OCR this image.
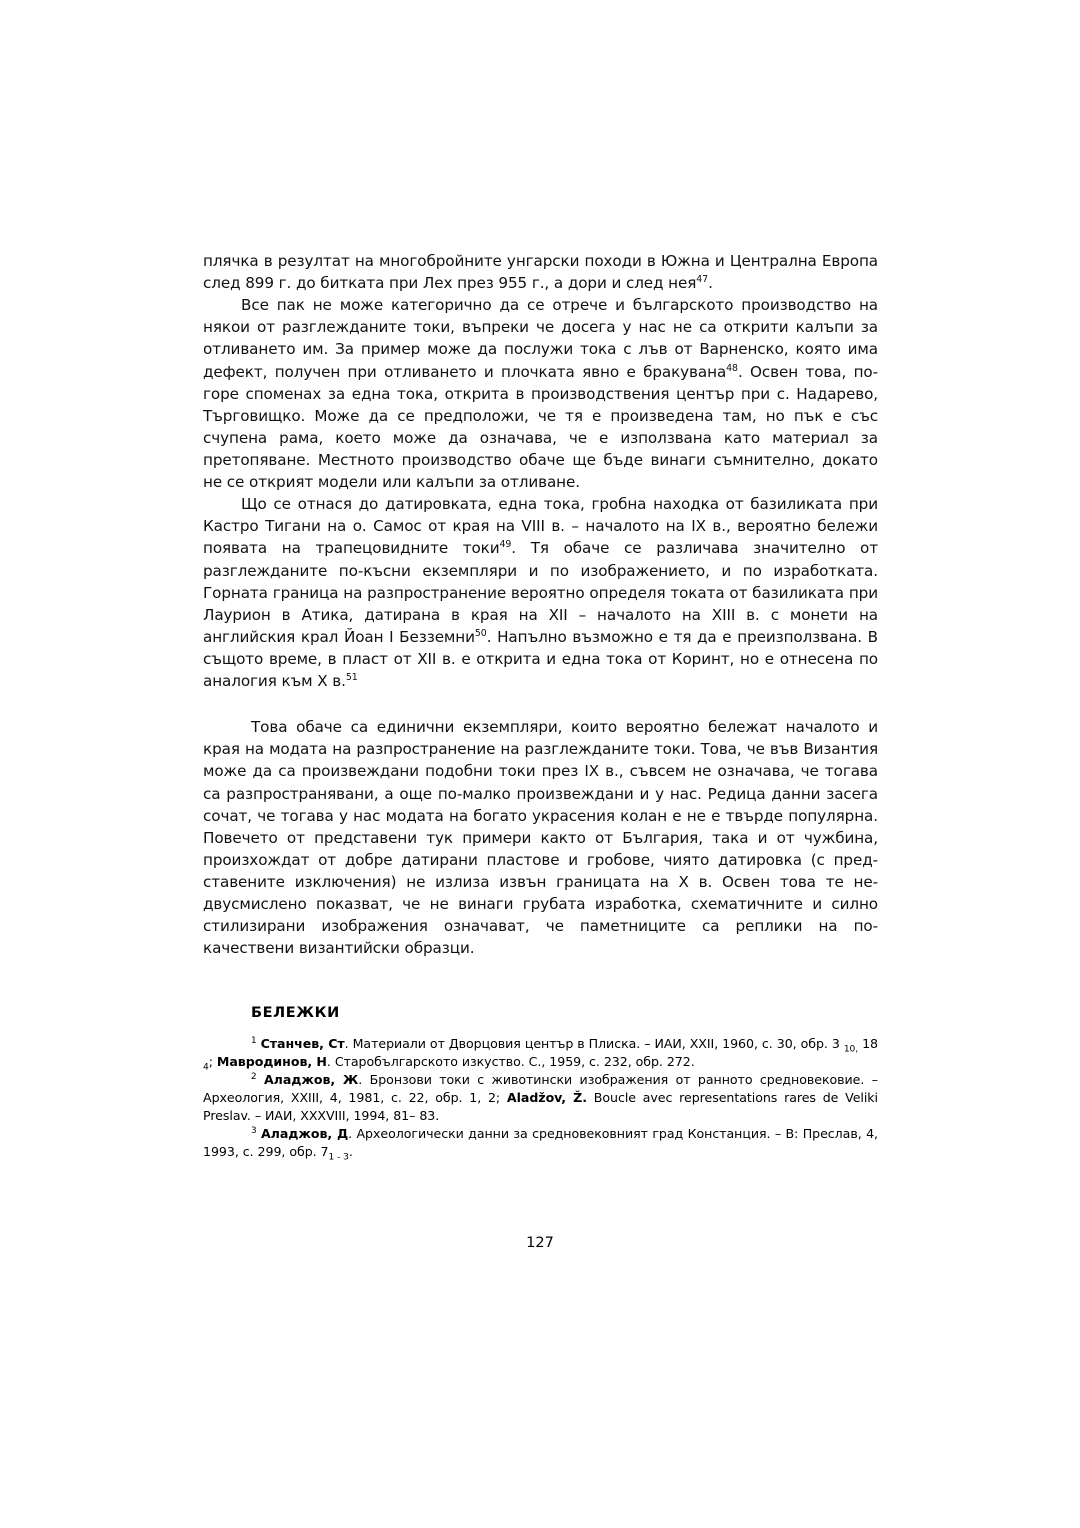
плячка в резултат на многобройните унгарски походи в Южна и Централна Европа след 899 г. до битката при Лех през 955 г., а дори и след нея$^{47}$.

Все пак не може категорично да се отрече и българското производство на някои от разглежданите токи, въпреки че досега у нас не са открити калъпи за отливането им. За пример може да послужи тока с лъв от Варненско, която има дефект, получен при отливането и плочката явно е бракувана$^{48}$. Освен това, по-горе споменах за една тока, открита в производствения център при с. Надарево, Търговищко. Може да се предположи, че тя е произведена там, но пък е със счупена рама, което може да означава, че е използвана като материал за претопяване. Местното производство обаче ще бъде винаги съмнително, докато не се открият модели или калъпи за отливане.

Що се отнася до датировката, една тока, гробна находка от базиликата при Кастро Тигани на о. Самос от края на VIII в. – началото на IX в., вероятно бележи появата на трапецовидните токи$^{49}$. Тя обаче се различава значително от разглежданите по-късни екземпляри и по изображението, и по изработката. Горната граница на разпространение вероятно определя токата от базиликата при Лаурион в Атика, датирана в края на XII – началото на XIII в. с монети на английския крал Йоан I Безземни$^{50}$. Напълно възможно е тя да е преизползвана. В същото време, в пласт от XII в. е открита и една тока от Коринт, но е отнесена по аналогия към X в.$^{51}$

Това обаче са единични екземпляри, които вероятно бележат началото и края на модата на разпространение на разглежданите токи. Това, че във Византия може да са произвеждани подобни токи през IX в., съвсем не означава, че тогава са разпространявани, а още по-малко произвеждани и у нас. Редица данни засега сочат, че тогава у нас модата на богато украсения колан е не е твърде популярна. Повечето от представени тук примери както от България, така и от чужбина, произхождат от добре датирани пластове и гробове, чиято датировка (с пред-ставените изключения) не излиза извън границата на X в. Освен това те не-двусмислено показват, че не винаги грубата изработка, схематичните и силно стилизирани изображения означават, че паметниците са реплики на по-качествени византийски образци.

БЕЛЕЖКИ

$^1$ Станчев, Ст. Материали от Дворцовия център в Плиска. – ИАИ, XXII, 1960, с. 30, обр. 3 $_{10,}$ 18 $_4$; Мавродинов, Н. Старобългарското изкуство. С., 1959, с. 232, обр. 272.

$^2$ Аладжов, Ж. Бронзови токи с животински изображения от ранното средновековие. – Археология, XXIII, 4, 1981, с. 22, обр. 1, 2; Aladžov, Ž. Boucle avec representations rares de Veliki Preslav. – ИАИ, XXXVIII, 1994, 81– 83.

$^3$ Аладжов, Д. Археологически данни за средновековният град Констанция. – В: Преслав, 4, 1993, с. 299, обр. $7_{1 - 3}$.

127
